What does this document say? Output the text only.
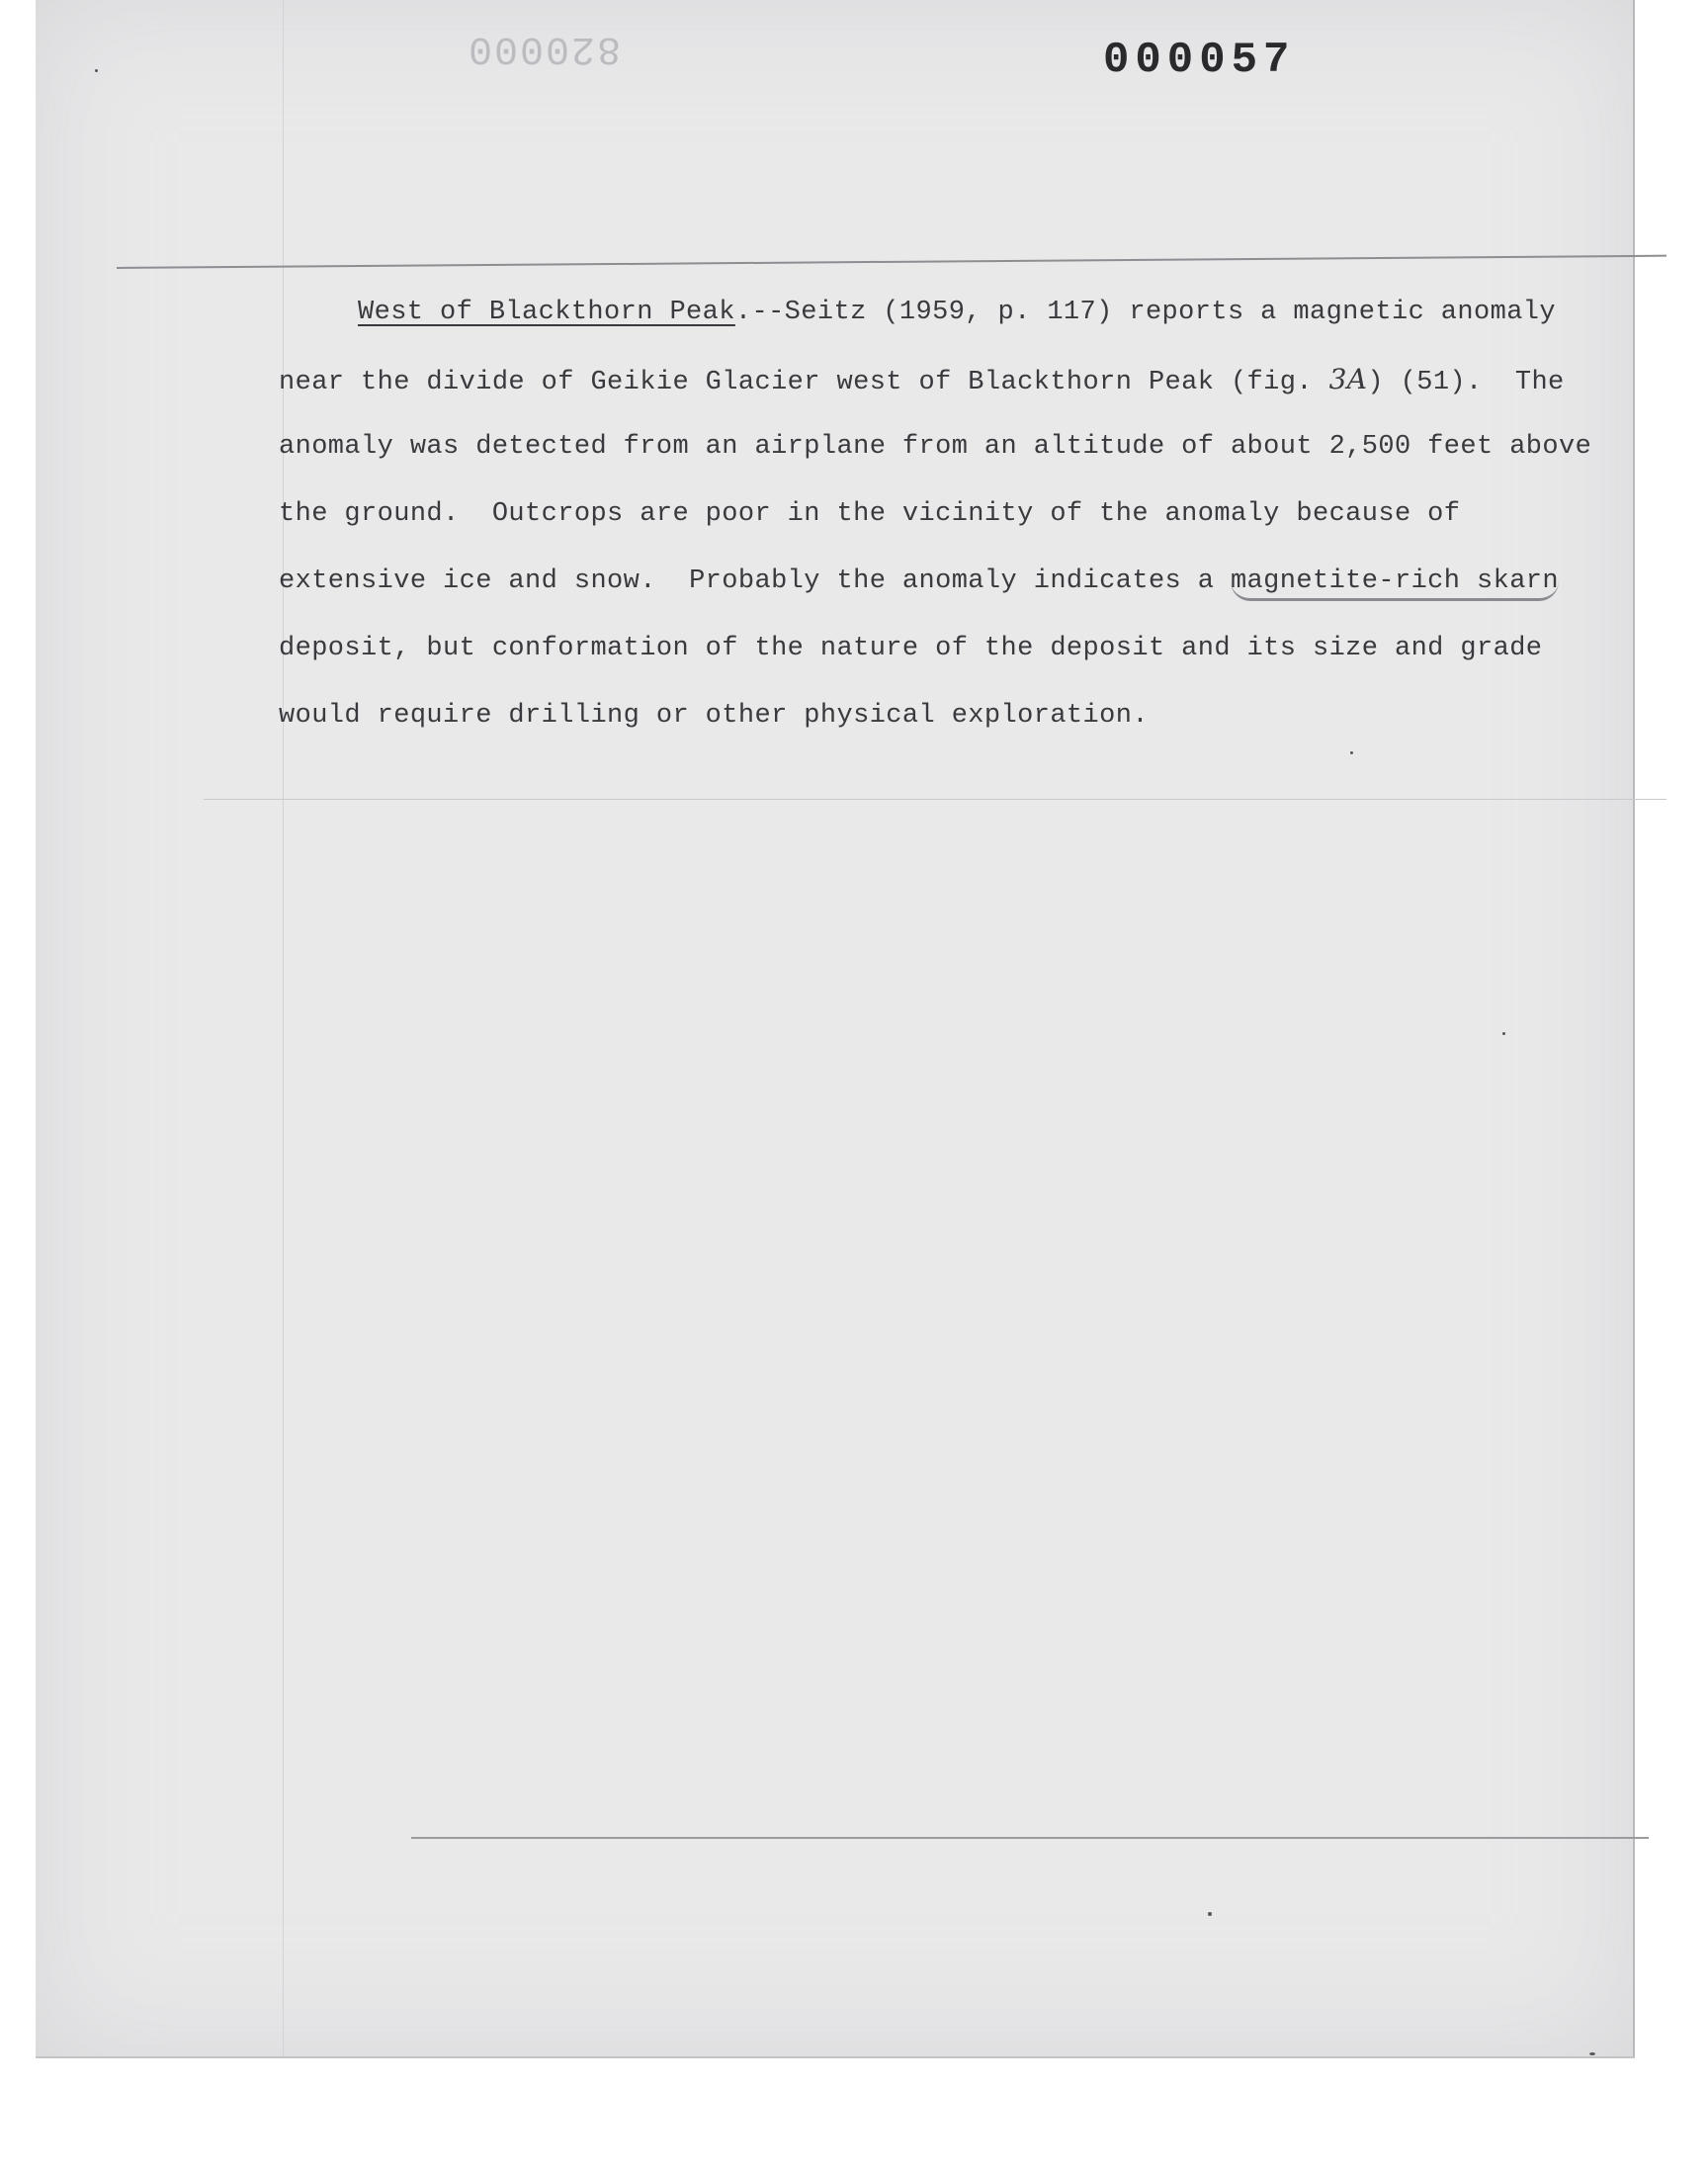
820000	000057
West of Blackthorn Peak.--Seitz (1959, p. 117) reports a magnetic anomaly
near the divide of Geikie Glacier west of Blackthorn Peak (fig. 3A) (51).  The
anomaly was detected from an airplane from an altitude of about 2,500 feet above
the ground.  Outcrops are poor in the vicinity of the anomaly because of
extensive ice and snow.  Probably the anomaly indicates a magnetite-rich skarn
deposit, but conformation of the nature of the deposit and its size and grade
would require drilling or other physical exploration.
